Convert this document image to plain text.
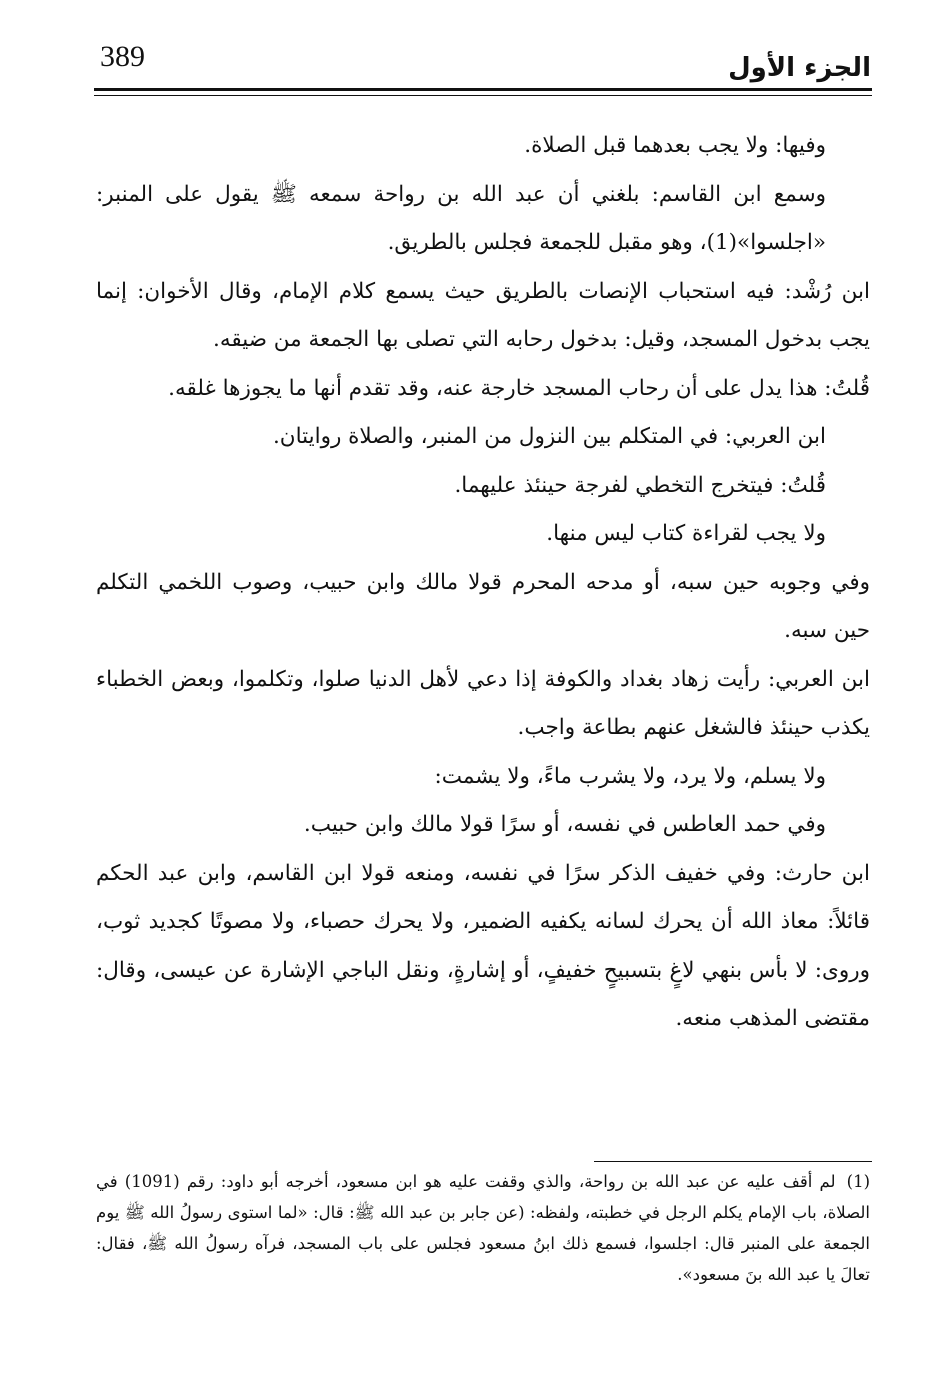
389	الجزء الأول

وفيها: ولا يجب بعدهما قبل الصلاة.

وسمع ابن القاسم: بلغني أن عبد الله بن رواحة سمعه ﷺ يقول على المنبر: «اجلسوا»(1)، وهو مقبل للجمعة فجلس بالطريق.

ابن رُشْد: فيه استحباب الإنصات بالطريق حيث يسمع كلام الإمام، وقال الأخوان: إنما يجب بدخول المسجد، وقيل: بدخول رحابه التي تصلى بها الجمعة من ضيقه.

قُلتُ: هذا يدل على أن رحاب المسجد خارجة عنه، وقد تقدم أنها ما يجوزها غلقه.

ابن العربي: في المتكلم بين النزول من المنبر، والصلاة روايتان.

قُلتُ: فيتخرج التخطي لفرجة حينئذ عليهما.

ولا يجب لقراءة كتاب ليس منها.

وفي وجوبه حين سبه، أو مدحه المحرم قولا مالك وابن حبيب، وصوب اللخمي التكلم حين سبه.

ابن العربي: رأيت زهاد بغداد والكوفة إذا دعي لأهل الدنيا صلوا، وتكلموا، وبعض الخطباء يكذب حينئذ فالشغل عنهم بطاعة واجب.

ولا يسلم، ولا يرد، ولا يشرب ماءً، ولا يشمت:

وفي حمد العاطس في نفسه، أو سرًا قولا مالك وابن حبيب.

ابن حارث: وفي خفيف الذكر سرًا في نفسه، ومنعه قولا ابن القاسم، وابن عبد الحكم قائلاً: معاذ الله أن يحرك لسانه يكفيه الضمير، ولا يحرك حصباء، ولا مصوتًا كجديد ثوب، وروى: لا بأس بنهي لاغٍ بتسبيحٍ خفيفٍ، أو إشارةٍ، ونقل الباجي الإشارة عن عيسى، وقال: مقتضى المذهب منعه.

(1) لم أقف عليه عن عبد الله بن رواحة، والذي وقفت عليه هو ابن مسعود، أخرجه أبو داود: رقم (1091) في الصلاة، باب الإمام يكلم الرجل في خطبته، ولفظه: (عن جابر بن عبد الله ﷺ: قال: «لما استوى رسولُ الله ﷺ يوم الجمعة على المنبر قال: اجلسوا، فسمع ذلك ابنُ مسعود فجلس على باب المسجد، فرآه رسولُ الله ﷺ، فقال: تعالَ يا عبد الله بنَ مسعود».
